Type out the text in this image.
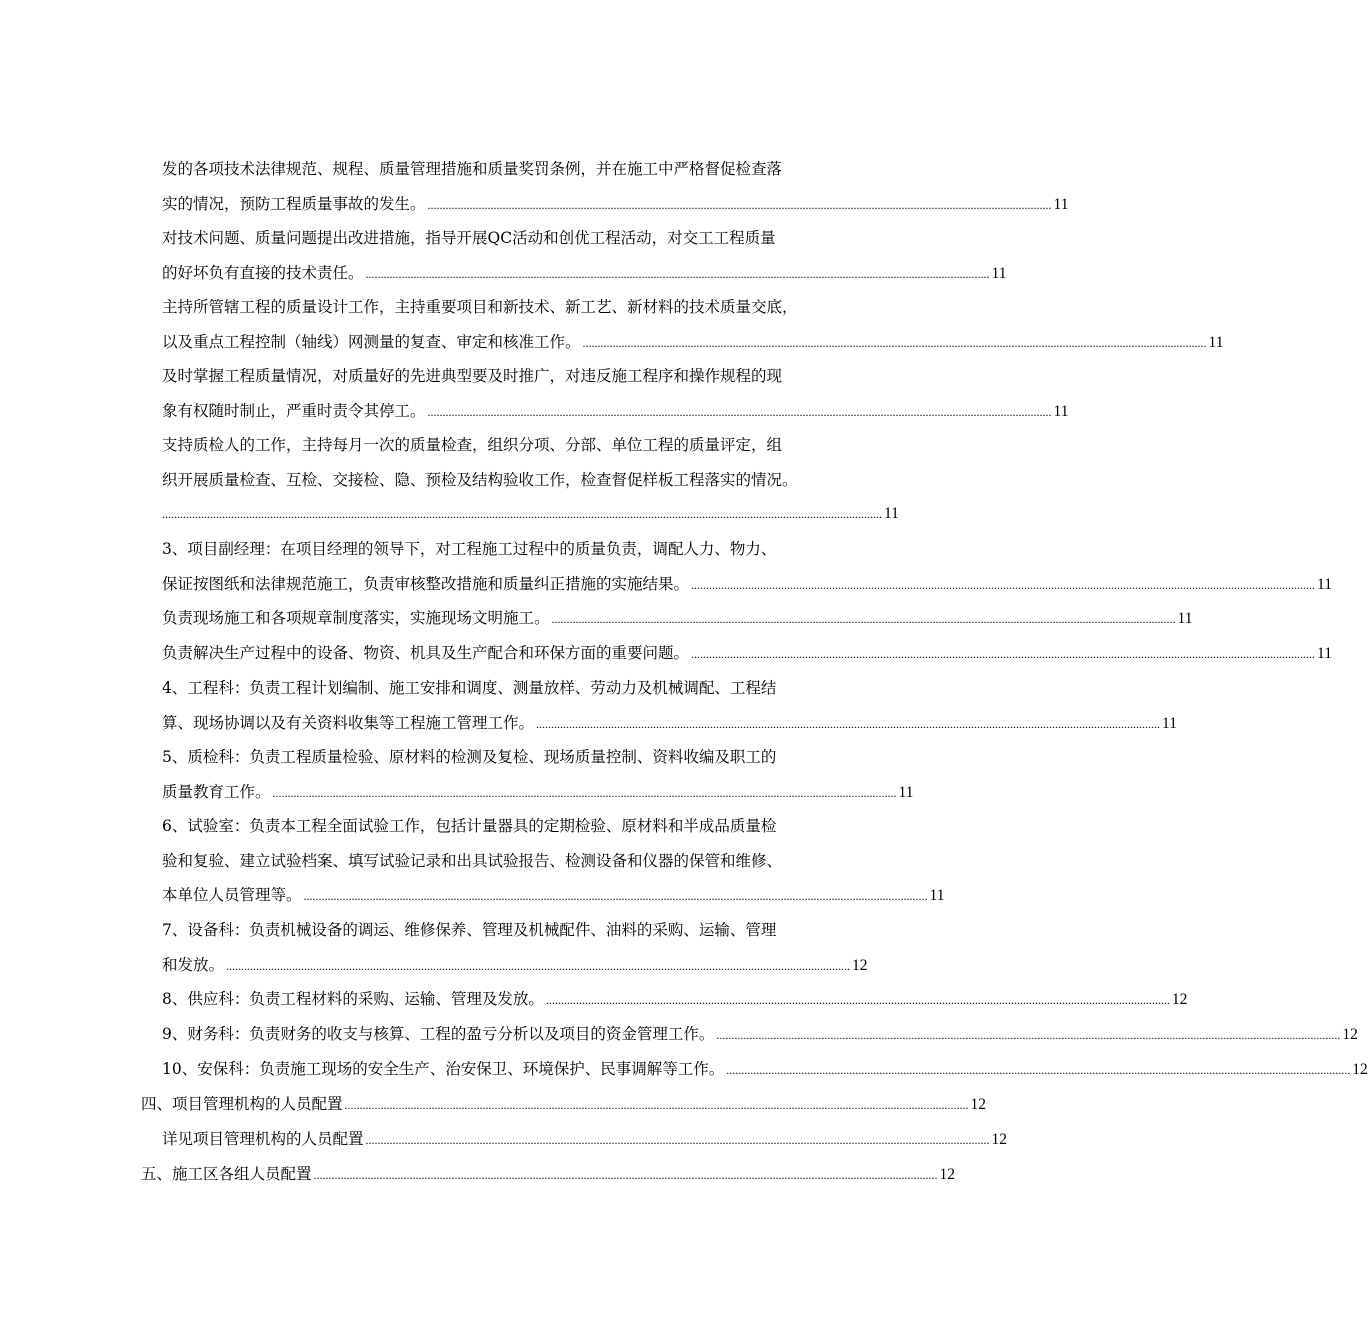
发的各项技术法律规范、规程、质量管理措施和质量奖罚条例，并在施工中严格督促检查落
实的情况，预防工程质量事故的发生。 ................................................................................................................................................................................................................ 11
对技术问题、质量问题提出改进措施，指导开展QC活动和创优工程活动，对交工工程质量
的好坏负有直接的技术责任。 ................................................................................................................................................................................................................ 11
主持所管辖工程的质量设计工作，主持重要项目和新技术、新工艺、新材料的技术质量交底，
以及重点工程控制（轴线）网测量的复查、审定和核准工作。 ................................................................................................................................................................................................................ 11
及时掌握工程质量情况，对质量好的先进典型要及时推广，对违反施工程序和操作规程的现
象有权随时制止，严重时责令其停工。 ................................................................................................................................................................................................................ 11
支持质检人的工作，主持每月一次的质量检查，组织分项、分部、单位工程的质量评定，组
织开展质量检查、互检、交接检、隐、预检及结构验收工作，检查督促样板工程落实的情况。
................................................................................................................................................................................................................................................ 11
3、项目副经理：在项目经理的领导下，对工程施工过程中的质量负责，调配人力、物力、
保证按图纸和法律规范施工，负责审核整改措施和质量纠正措施的实施结果。 ................................................................................................................................................................................................................ 11
负责现场施工和各项规章制度落实，实施现场文明施工。 ................................................................................................................................................................................................................ 11
负责解决生产过程中的设备、物资、机具及生产配合和环保方面的重要问题。 ................................................................................................................................................................................................................ 11
4、工程科：负责工程计划编制、施工安排和调度、测量放样、劳动力及机械调配、工程结
算、现场协调以及有关资料收集等工程施工管理工作。 ................................................................................................................................................................................................................ 11
5、质检科：负责工程质量检验、原材料的检测及复检、现场质量控制、资料收编及职工的
质量教育工作。 ................................................................................................................................................................................................................ 11
6、试验室：负责本工程全面试验工作，包括计量器具的定期检验、原材料和半成品质量检
验和复验、建立试验档案、填写试验记录和出具试验报告、检测设备和仪器的保管和维修、
本单位人员管理等。 ................................................................................................................................................................................................................ 11
7、设备科：负责机械设备的调运、维修保养、管理及机械配件、油料的采购、运输、管理
和发放。 ................................................................................................................................................................................................................ 12
8、供应科：负责工程材料的采购、运输、管理及发放。 ................................................................................................................................................................................................................ 12
9、财务科：负责财务的收支与核算、工程的盈亏分析以及项目的资金管理工作。 ................................................................................................................................................................................................................ 12
10、安保科：负责施工现场的安全生产、治安保卫、环境保护、民事调解等工作。 ................................................................................................................................................................................................................ 12
四、项目管理机构的人员配置 ................................................................................................................................................................................................................ 12
详见项目管理机构的人员配置 ................................................................................................................................................................................................................ 12
五、施工区各组人员配置 ................................................................................................................................................................................................................ 12
